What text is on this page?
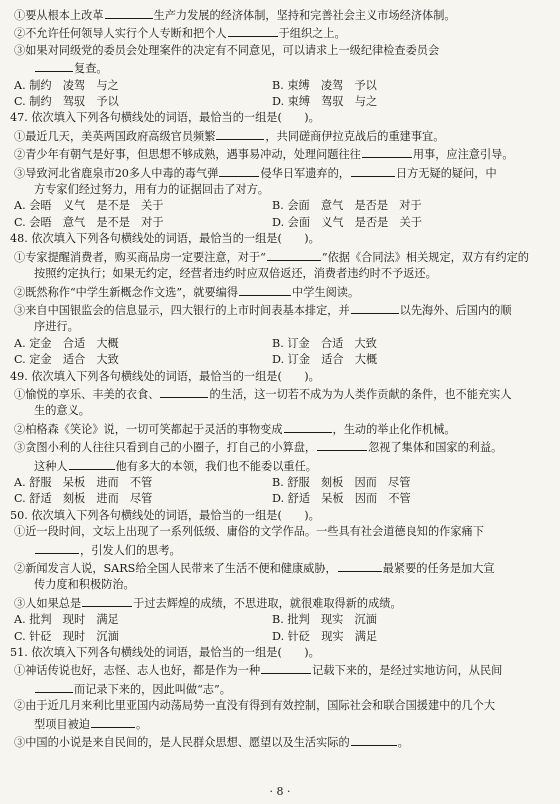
①要从根本上改革	生产力发展的经济体制，坚持和完善社会主义市场经济体制。
②不允许任何领导人实行个人专断和把个人	于组织之上。
③如果对同级党的委员会处理案件的决定有不同意见，可以请求上一级纪律检查委员会
复查。
A. 制约　凌驾　与之	B. 束缚　凌驾　予以
C. 制约　驾驭　予以	D. 束缚　驾驭　与之
47. 依次填入下列各句横线处的词语，最恰当的一组是(　　)。
①最近几天，美英两国政府高级官员频繁	，共同磋商伊拉克战后的重建事宜。
②青少年有朝气是好事，但思想不够成熟，遇事易冲动，处理问题往往	用事，应注意引导。
③导致河北省鹿泉市20多人中毒的毒气弹	侵华日军遗弃的，	日方无疑的疑问，中
方专家们经过努力，用有力的证据回击了对方。
A. 会晤　义气　是不是　关于	B. 会面　意气　是否是　对于
C. 会晤　意气　是不是　对于	D. 会面　义气　是否是　关于
48. 依次填入下列各句横线处的词语，最恰当的一组是(　　)。
①专家提醒消费者，购买商品房一定要注意，对于“	”依据《合同法》相关规定，双方有约定的
按照约定执行；如果无约定，经营者违约时应双倍返还，消费者违约时不予返还。
②既然称作“中学生新概念作文选”，就要编得	中学生阅读。
③来自中国银监会的信息显示，四大银行的上市时间表基本排定，并	以先海外、后国内的顺
序进行。
A. 定金　合适　大概	B. 订金　合适　大致
C. 定金　适合　大致	D. 订金　适合　大概
49. 依次填入下列各句横线处的词语，最恰当的一组是(　　)。
①愉悦的享乐、丰美的衣食、	的生活，这一切若不成为为人类作贡献的条件，也不能充实人
生的意义。
②柏格森《笑论》说，一切可笑都起于灵活的事物变成	，生动的举止化作机械。
③贪图小利的人往往只看到自己的小圈子，打自己的小算盘，	忽视了集体和国家的利益。
这种人	他有多大的本领，我们也不能委以重任。
A. 舒服　呆板　进而　不管	B. 舒服　刻板　因而　尽管
C. 舒适　刻板　进而　尽管	D. 舒适　呆板　因而　不管
50. 依次填入下列各句横线处的词语，最恰当的一组是(　　)。
①近一段时间，文坛上出现了一系列低级、庸俗的文学作品。一些具有社会道德良知的作家痛下
，引发人们的思考。
②新闻发言人说，SARS给全国人民带来了生活不便和健康威胁，	最紧要的任务是加大宣
传力度和积极防治。
③人如果总是	于过去辉煌的成绩，不思进取，就很难取得新的成绩。
A. 批判　现时　满足	B. 批判　现实　沉湎
C. 针砭　现时　沉湎	D. 针砭　现实　满足
51. 依次填入下列各句横线处的词语，最恰当的一组是(　　)。
①神话传说也好，志怪、志人也好，都是作为一种	记载下来的，是经过实地访问，从民间
而记录下来的，因此叫做“志”。
②由于近几月来利比里亚国内动荡局势一直没有得到有效控制，国际社会和联合国援建中的几个大
型项目被迫	。
③中国的小说是来自民间的，是人民群众思想、愿望以及生活实际的	。
· 8 ·
